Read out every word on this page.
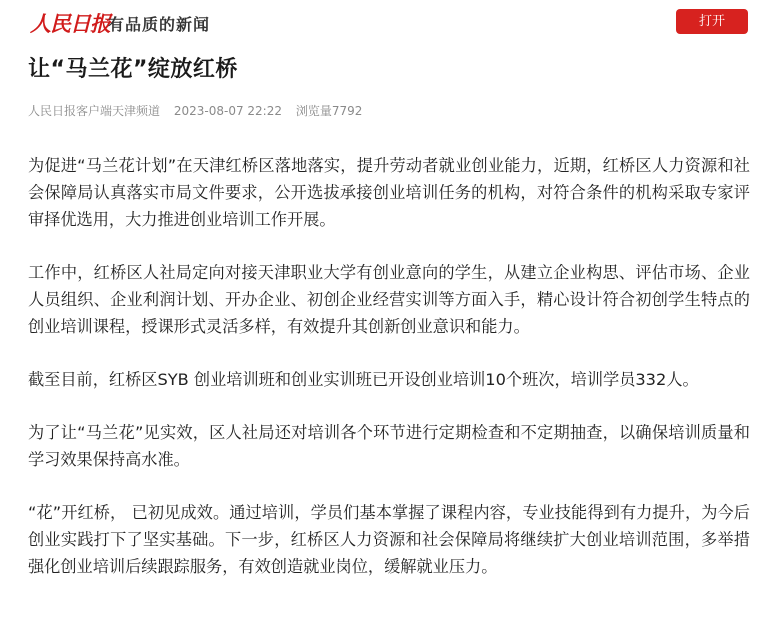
人民日报
有品质的新闻	打开
让“马兰花”绽放红桥
人民日报客户端天津频道 2023-08-07 22:22 浏览量7792

为促进“马兰花计划”在天津红桥区落地落实，提升劳动者就业创业能力，近期，红桥区人力资源和社会保障局认真落实市局文件要求，公开选拔承接创业培训任务的机构，对符合条件的机构采取专家评审择优选用，大力推进创业培训工作开展。

工作中，红桥区人社局定向对接天津职业大学有创业意向的学生，从建立企业构思、评估市场、企业人员组织、企业利润计划、开办企业、初创企业经营实训等方面入手，精心设计符合初创学生特点的创业培训课程，授课形式灵活多样，有效提升其创新创业意识和能力。

截至目前，红桥区SYB 创业培训班和创业实训班已开设创业培训10个班次，培训学员332人。

为了让“马兰花”见实效，区人社局还对培训各个环节进行定期检查和不定期抽查，以确保培训质量和学习效果保持高水准。

“花”开红桥， 已初见成效。通过培训，学员们基本掌握了课程内容，专业技能得到有力提升，为今后创业实践打下了坚实基础。下一步，红桥区人力资源和社会保障局将继续扩大创业培训范围，多举措强化创业培训后续跟踪服务，有效创造就业岗位，缓解就业压力。
